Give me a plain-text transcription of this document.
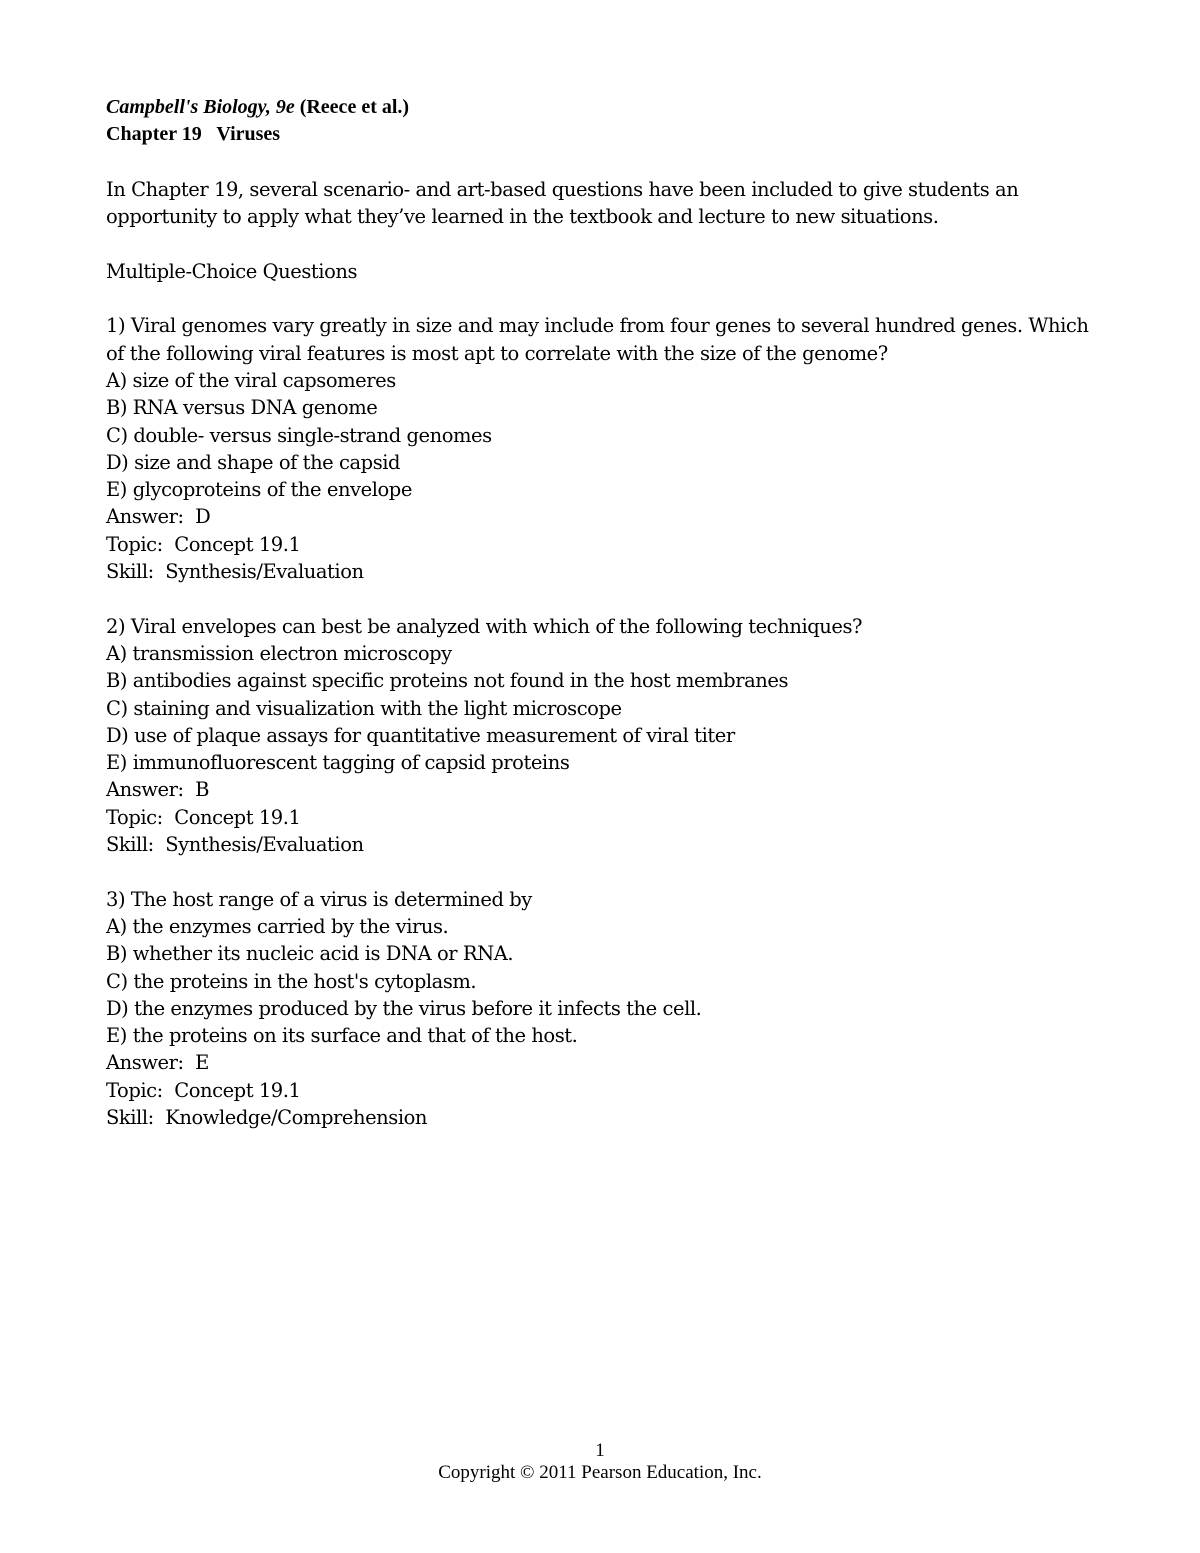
Campbell's Biology, 9e (Reece et al.)
Chapter 19   Viruses
In Chapter 19, several scenario- and art-based questions have been included to give students an
opportunity to apply what they’ve learned in the textbook and lecture to new situations.
Multiple-Choice Questions
1) Viral genomes vary greatly in size and may include from four genes to several hundred genes. Which
of the following viral features is most apt to correlate with the size of the genome?
A) size of the viral capsomeres
B) RNA versus DNA genome
C) double- versus single-strand genomes
D) size and shape of the capsid
E) glycoproteins of the envelope
Answer:  D
Topic:  Concept 19.1
Skill:  Synthesis/Evaluation
2) Viral envelopes can best be analyzed with which of the following techniques?
A) transmission electron microscopy
B) antibodies against specific proteins not found in the host membranes
C) staining and visualization with the light microscope
D) use of plaque assays for quantitative measurement of viral titer
E) immunofluorescent tagging of capsid proteins
Answer:  B
Topic:  Concept 19.1
Skill:  Synthesis/Evaluation
3) The host range of a virus is determined by
A) the enzymes carried by the virus.
B) whether its nucleic acid is DNA or RNA.
C) the proteins in the host's cytoplasm.
D) the enzymes produced by the virus before it infects the cell.
E) the proteins on its surface and that of the host.
Answer:  E
Topic:  Concept 19.1
Skill:  Knowledge/Comprehension
1
Copyright © 2011 Pearson Education, Inc.
